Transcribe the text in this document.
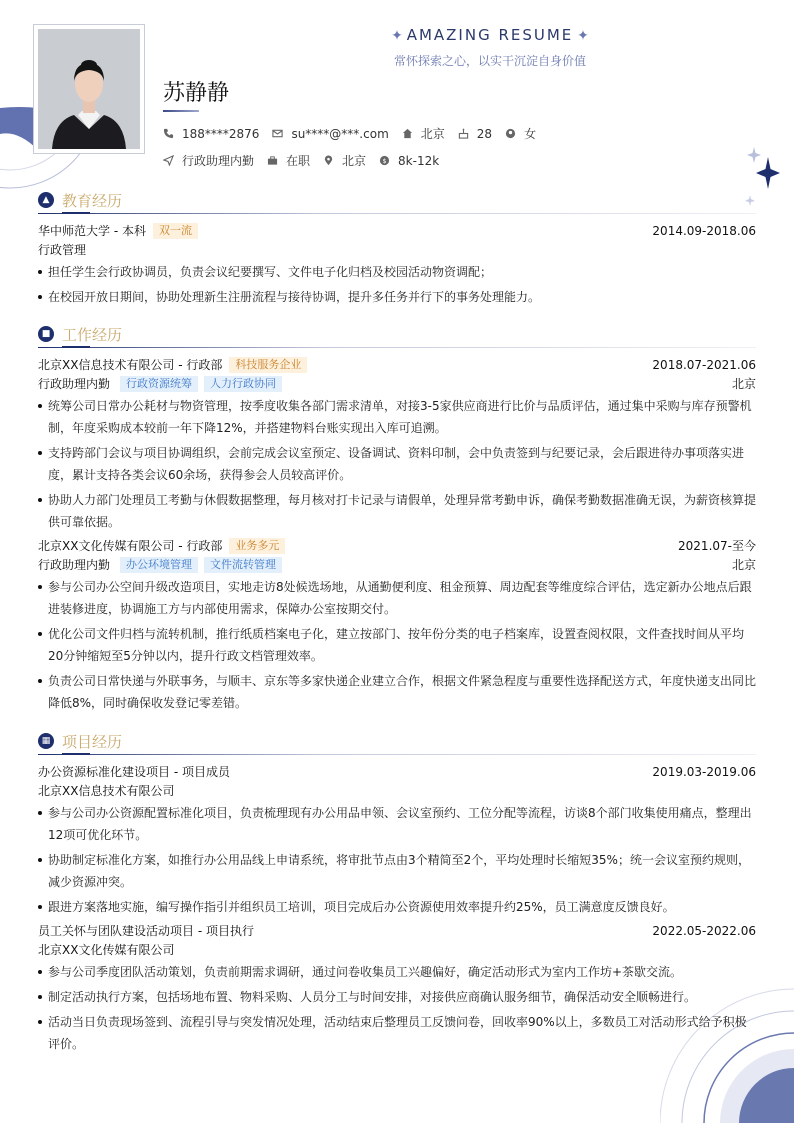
✦ AMAZING RESUME ✦
常怀探索之心，以实干沉淀自身价值
苏静静
188****2876	su****@***.com	北京	28	女
行政助理内勤	在职	北京 $ 8k-12k
▲ 教育经历
华中师范大学 - 本科	双一流	2014.09-2018.06
行政管理
担任学生会行政协调员，负责会议纪要撰写、文件电子化归档及校园活动物资调配；
在校园开放日期间，协助处理新生注册流程与接待协调，提升多任务并行下的事务处理能力。
■ 工作经历
北京XX信息技术有限公司 - 行政部	科技服务企业	2018.07-2021.06
行政助理内勤	行政资源统筹	人力行政协同	北京
统筹公司日常办公耗材与物资管理，按季度收集各部门需求清单，对接3-5家供应商进行比价与品质评估，通过集中采购与库存预警机制，年度采购成本较前一年下降12%，并搭建物料台账实现出入库可追溯。
支持跨部门会议与项目协调组织，会前完成会议室预定、设备调试、资料印制，会中负责签到与纪要记录，会后跟进待办事项落实进度，累计支持各类会议60余场，获得参会人员较高评价。
协助人力部门处理员工考勤与休假数据整理，每月核对打卡记录与请假单，处理异常考勤申诉，确保考勤数据准确无误，为薪资核算提供可靠依据。
北京XX文化传媒有限公司 - 行政部	业务多元	2021.07-至今
行政助理内勤	办公环境管理	文件流转管理	北京
参与公司办公空间升级改造项目，实地走访8处候选场地，从通勤便利度、租金预算、周边配套等维度综合评估，选定新办公地点后跟进装修进度，协调施工方与内部使用需求，保障办公室按期交付。
优化公司文件归档与流转机制，推行纸质档案电子化，建立按部门、按年份分类的电子档案库，设置查阅权限，文件查找时间从平均20分钟缩短至5分钟以内，提升行政文档管理效率。
负责公司日常快递与外联事务，与顺丰、京东等多家快递企业建立合作，根据文件紧急程度与重要性选择配送方式，年度快递支出同比降低8%，同时确保收发登记零差错。
▦ 项目经历
办公资源标准化建设项目 - 项目成员	2019.03-2019.06
北京XX信息技术有限公司
参与公司办公资源配置标准化项目，负责梳理现有办公用品申领、会议室预约、工位分配等流程，访谈8个部门收集使用痛点，整理出12项可优化环节。
协助制定标准化方案，如推行办公用品线上申请系统，将审批节点由3个精简至2个，平均处理时长缩短35%；统一会议室预约规则，减少资源冲突。
跟进方案落地实施，编写操作指引并组织员工培训，项目完成后办公资源使用效率提升约25%，员工满意度反馈良好。
员工关怀与团队建设活动项目 - 项目执行	2022.05-2022.06
北京XX文化传媒有限公司
参与公司季度团队活动策划，负责前期需求调研，通过问卷收集员工兴趣偏好，确定活动形式为室内工作坊+茶歇交流。
制定活动执行方案，包括场地布置、物料采购、人员分工与时间安排，对接供应商确认服务细节，确保活动安全顺畅进行。
活动当日负责现场签到、流程引导与突发情况处理，活动结束后整理员工反馈问卷，回收率90%以上，多数员工对活动形式给予积极评价。
